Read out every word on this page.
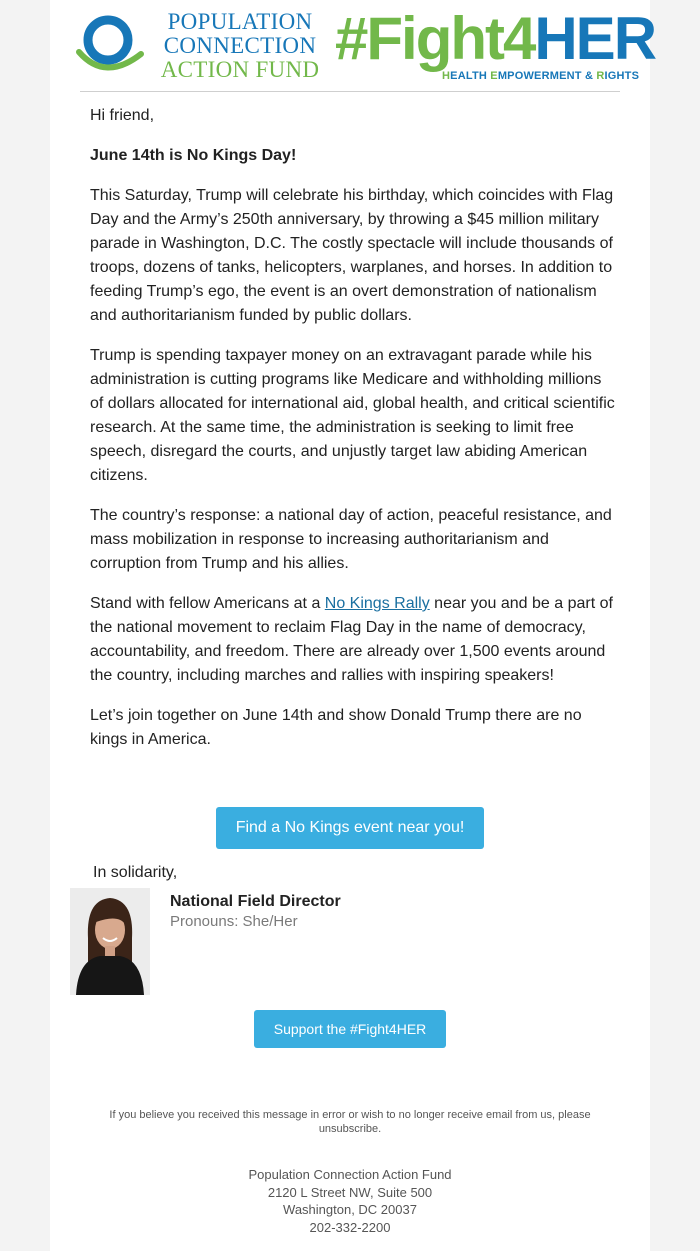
POPULATION
CONNECTION
ACTION FUND #Fight4HER
HEALTH EMPOWERMENT & RIGHTS

Hi friend,

June 14th is No Kings Day!

This Saturday, Trump will celebrate his birthday, which coincides with Flag Day and the Army’s 250th anniversary, by throwing a $45 million military parade in Washington, D.C. The costly spectacle will include thousands of troops, dozens of tanks, helicopters, warplanes, and horses. In addition to feeding Trump’s ego, the event is an overt demonstration of nationalism and authoritarianism funded by public dollars.

Trump is spending taxpayer money on an extravagant parade while his administration is cutting programs like Medicare and withholding millions of dollars allocated for international aid, global health, and critical scientific research. At the same time, the administration is seeking to limit free speech, disregard the courts, and unjustly target law abiding American citizens.

The country’s response: a national day of action, peaceful resistance, and mass mobilization in response to increasing authoritarianism and corruption from Trump and his allies.

Stand with fellow Americans at a No Kings Rally near you and be a part of the national movement to reclaim Flag Day in the name of democracy, accountability, and freedom. There are already over 1,500 events around the country, including marches and rallies with inspiring speakers!

Let’s join together on June 14th and show Donald Trump there are no kings in America.

Find a No Kings event near you!
In solidarity,
National Field Director
Pronouns: She/Her
Support the #Fight4HER
If you believe you received this message in error or wish to no longer receive email from us, please unsubscribe.
Population Connection Action Fund
2120 L Street NW, Suite 500
Washington, DC 20037
202-332-2200
